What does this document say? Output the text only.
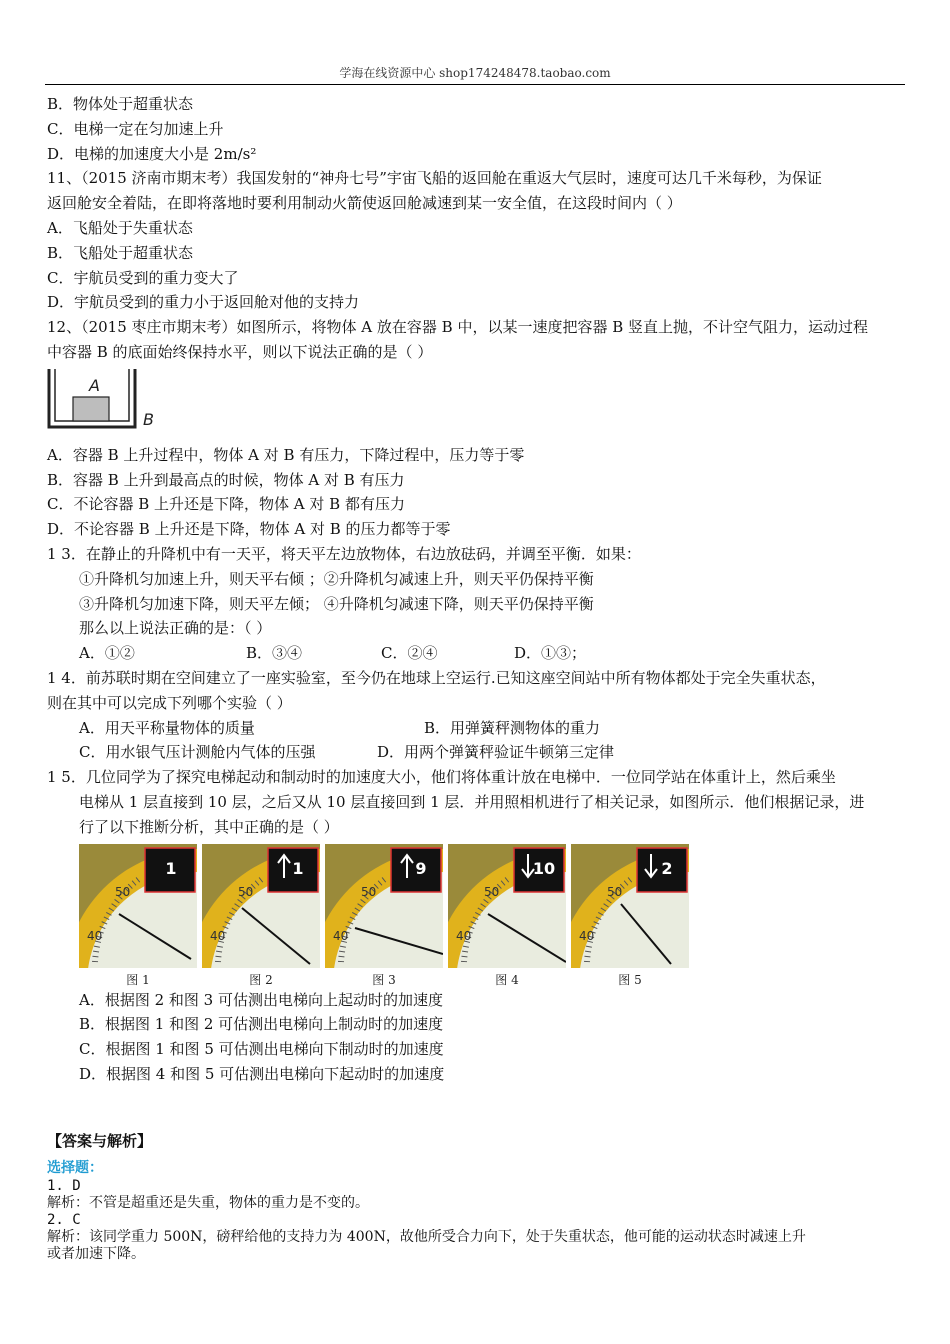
学海在线资源中心 shop174248478.taobao.com
B．物体处于超重状态
C．电梯一定在匀加速上升
D．电梯的加速度大小是 2m/s²
11、（2015 济南市期末考）我国发射的“神舟七号”宇宙飞船的返回舱在重返大气层时，速度可达几千米每秒，为保证
返回舱安全着陆，在即将落地时要利用制动火箭使返回舱减速到某一安全值，在这段时间内（ ）
A．飞船处于失重状态
B．飞船处于超重状态
C．宇航员受到的重力变大了
D．宇航员受到的重力小于返回舱对他的支持力
12、（2015 枣庄市期末考）如图所示，将物体 A 放在容器 B 中，以某一速度把容器 B 竖直上抛，不计空气阻力，运动过程
中容器 B 的底面始终保持水平，则以下说法正确的是（ ）
A
B
A．容器 B 上升过程中，物体 A 对 B 有压力，下降过程中，压力等于零
B．容器 B 上升到最高点的时候，物体 A 对 B 有压力
C．不论容器 B 上升还是下降，物体 A 对 B 都有压力
D．不论容器 B 上升还是下降，物体 A 对 B 的压力都等于零
1 3．在静止的升降机中有一天平，将天平左边放物体，右边放砝码，并调至平衡．如果：
①升降机匀加速上升，则天平右倾 ；②升降机匀减速上升，则天平仍保持平衡
③升降机匀加速下降，则天平左倾； ④升降机匀减速下降，则天平仍保持平衡
那么以上说法正确的是：（ ）
A．①②	B．③④	C．②④	D．①③；
1 4．前苏联时期在空间建立了一座实验室，至今仍在地球上空运行.已知这座空间站中所有物体都处于完全失重状态，
则在其中可以完成下列哪个实验（ ）
A．用天平称量物体的质量	B．用弹簧秤测物体的重力
C．用水银气压计测舱内气体的压强	D．用两个弹簧秤验证牛顿第三定律
1 5．几位同学为了探究电梯起动和制动时的加速度大小，他们将体重计放在电梯中．一位同学站在体重计上，然后乘坐
电梯从 1 层直接到 10 层，之后又从 10 层直接回到 1 层．并用照相机进行了相关记录，如图所示．他们根据记录，进
行了以下推断分析，其中正确的是（ ）
50
40
1
图 1
50
40
1
图 2
50
40
9
图 3
50
40
10
图 4
50
40
2
图 5
A．根据图 2 和图 3 可估测出电梯向上起动时的加速度
B．根据图 1 和图 2 可估测出电梯向上制动时的加速度
C．根据图 1 和图 5 可估测出电梯向下制动时的加速度
D．根据图 4 和图 5 可估测出电梯向下起动时的加速度
【答案与解析】
选择题：
1. D
解析：不管是超重还是失重，物体的重力是不变的。
2. C
解析：该同学重力 500N，磅秤给他的支持力为 400N，故他所受合力向下，处于失重状态，他可能的运动状态时减速上升
或者加速下降。
